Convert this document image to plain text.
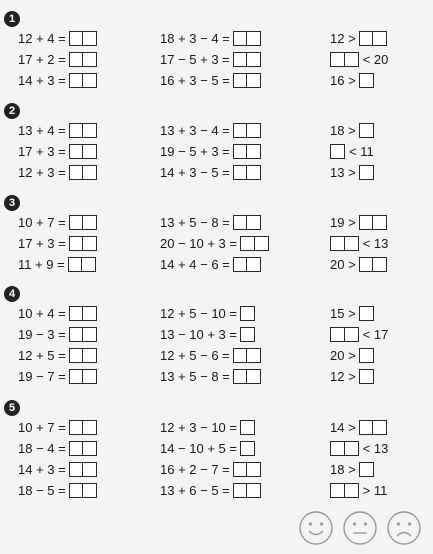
1
12 + 4 =	18 + 3 − 4 =	12 >
17 + 2 =	17 − 5 + 3 =	< 20
14 + 3 =	16 + 3 − 5 =	16 >
2
13 + 4 =	13 + 3 − 4 =	18 >
17 + 3 =	19 − 5 + 3 =	< 11
12 + 3 =	14 + 3 − 5 =	13 >
3
10 + 7 =	13 + 5 − 8 =	19 >
17 + 3 =	20 − 10 + 3 =	< 13
11 + 9 =	14 + 4 − 6 =	20 >
4
10 + 4 =	12 + 5 − 10 =	15 >
19 − 3 =	13 − 10 + 3 =	< 17
12 + 5 =	12 + 5 − 6 =	20 >
19 − 7 =	13 + 5 − 8 =	12 >
5
10 + 7 =	12 + 3 − 10 =	14 >
18 − 4 =	14 − 10 + 5 =	< 13
14 + 3 =	16 + 2 − 7 =	18 >
18 − 5 =	13 + 6 − 5 =	> 11
